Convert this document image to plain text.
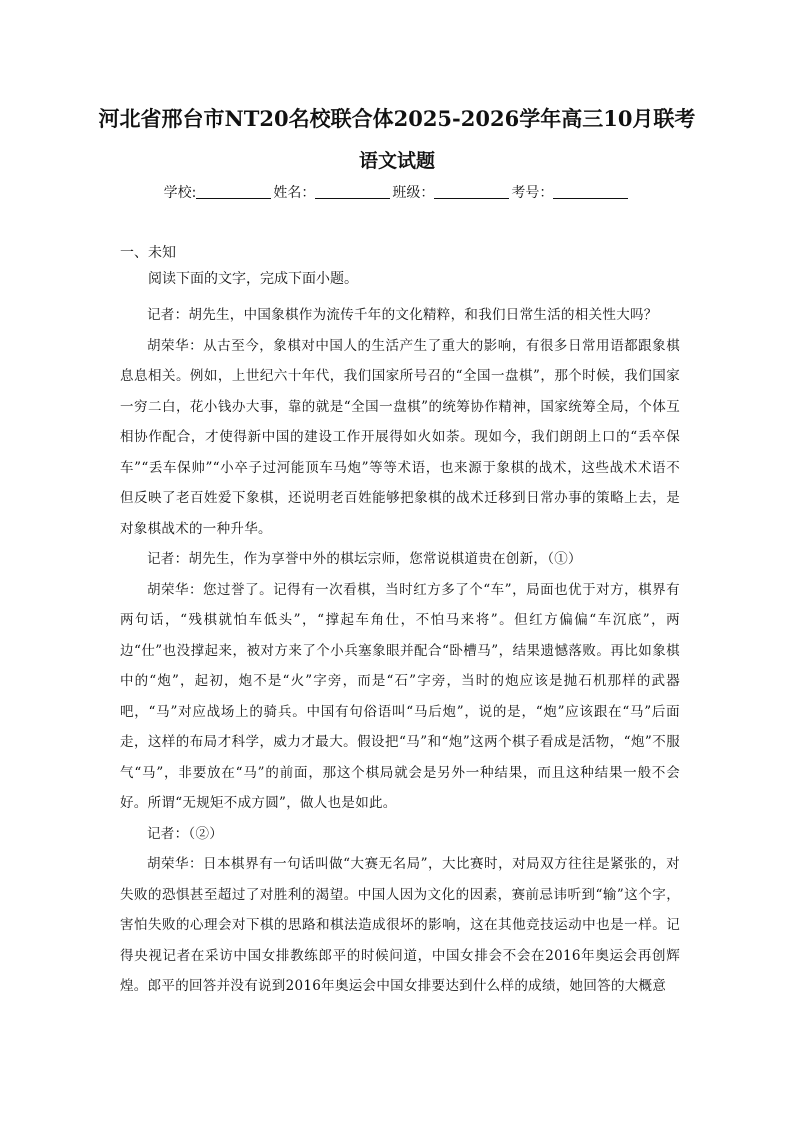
河北省邢台市NT20名校联合体2025-2026学年高三10月联考
语文试题
学校:	姓名：	班级：	考号：
一、未知
阅读下面的文字，完成下面小题。

记者：胡先生，中国象棋作为流传千年的文化精粹，和我们日常生活的相关性大吗？

胡荣华：从古至今，象棋对中国人的生活产生了重大的影响，有很多日常用语都跟象棋息息相关。例如，上世纪六十年代，我们国家所号召的“全国一盘棋”，那个时候，我们国家一穷二白，花小钱办大事，靠的就是“全国一盘棋”的统筹协作精神，国家统筹全局，个体互相协作配合，才使得新中国的建设工作开展得如火如荼。现如今，我们朗朗上口的“丢卒保车”“丢车保帅”“小卒子过河能顶车马炮”等等术语，也来源于象棋的战术，这些战术术语不但反映了老百姓爱下象棋，还说明老百姓能够把象棋的战术迁移到日常办事的策略上去，是对象棋战术的一种升华。

记者：胡先生，作为享誉中外的棋坛宗师，您常说棋道贵在创新，（①）

胡荣华：您过誉了。记得有一次看棋，当时红方多了个“车”，局面也优于对方，棋界有两句话，“残棋就怕车低头”，“撑起车角仕，不怕马来将”。但红方偏偏“车沉底”，两边“仕”也没撑起来，被对方来了个小兵塞象眼并配合“卧槽马”，结果遗憾落败。再比如象棋中的“炮”，起初，炮不是“火”字旁，而是“石”字旁，当时的炮应该是抛石机那样的武器吧，“马”对应战场上的骑兵。中国有句俗语叫“马后炮”，说的是，“炮”应该跟在“马”后面走，这样的布局才科学，威力才最大。假设把“马”和“炮”这两个棋子看成是活物，“炮”不服气“马”，非要放在“马”的前面，那这个棋局就会是另外一种结果，而且这种结果一般不会好。所谓“无规矩不成方圆”，做人也是如此。

记者：（②）

胡荣华：日本棋界有一句话叫做“大赛无名局”，大比赛时，对局双方往往是紧张的，对失败的恐惧甚至超过了对胜利的渴望。中国人因为文化的因素，赛前忌讳听到“输”这个字，害怕失败的心理会对下棋的思路和棋法造成很坏的影响，这在其他竞技运动中也是一样。记得央视记者在采访中国女排教练郎平的时候问道，中国女排会不会在2016年奥运会再创辉煌。郎平的回答并没有说到2016年奥运会中国女排要达到什么样的成绩，她回答的大概意
